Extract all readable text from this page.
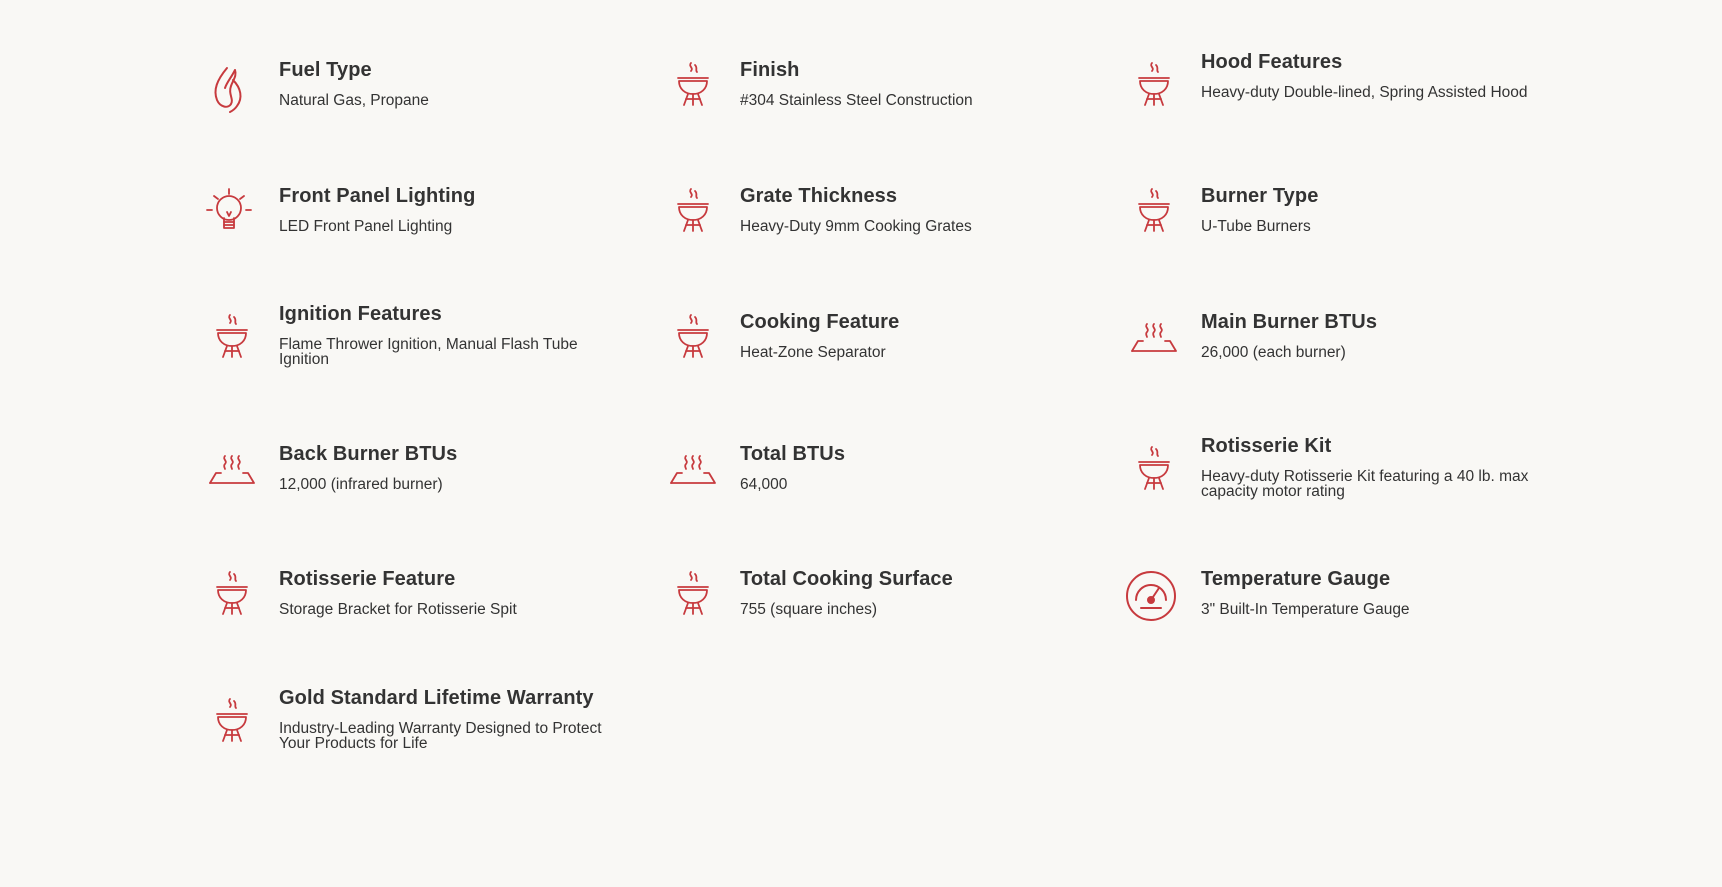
Fuel Type
Natural Gas, Propane
Finish
#304 Stainless Steel Construction
Hood Features
Heavy-duty Double-lined, Spring Assisted Hood
Front Panel Lighting
LED Front Panel Lighting
Grate Thickness
Heavy-Duty 9mm Cooking Grates
Burner Type
U-Tube Burners
Ignition Features
Flame Thrower Ignition, Manual Flash Tube Ignition
Cooking Feature
Heat-Zone Separator
Main Burner BTUs
26,000 (each burner)
Back Burner BTUs
12,000 (infrared burner)
Total BTUs
64,000
Rotisserie Kit
Heavy-duty Rotisserie Kit featuring a 40 lb. max capacity motor rating
Rotisserie Feature
Storage Bracket for Rotisserie Spit
Total Cooking Surface
755 (square inches)
Temperature Gauge
3" Built-In Temperature Gauge
Gold Standard Lifetime Warranty
Industry-Leading Warranty Designed to Protect Your Products for Life
